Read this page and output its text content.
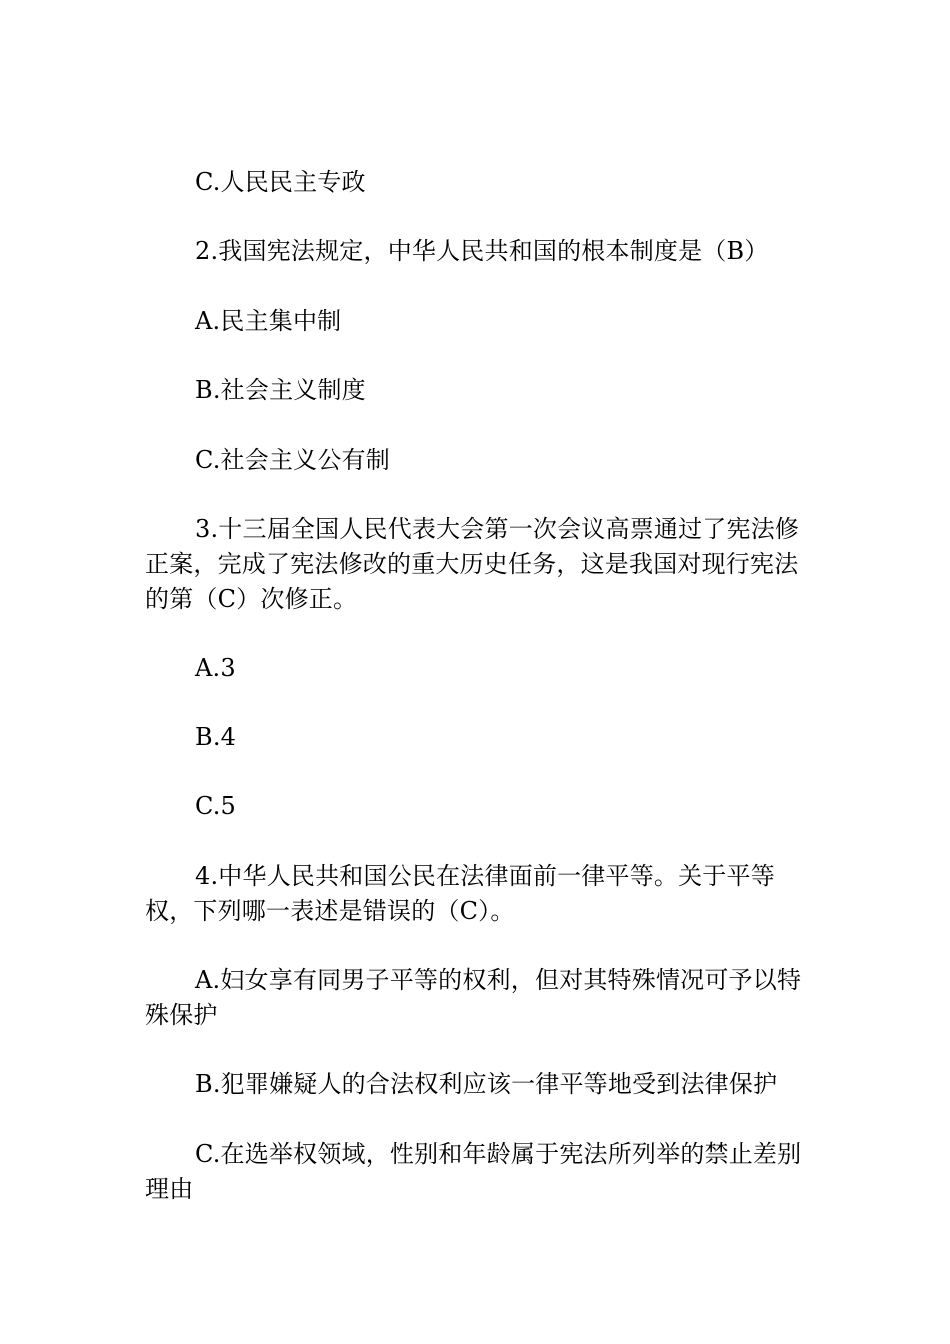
C.人民民主专政

2.我国宪法规定，中华人民共和国的根本制度是（B）

A.民主集中制

B.社会主义制度

C.社会主义公有制

3.十三届全国人民代表大会第一次会议高票通过了宪法修正案，完成了宪法修改的重大历史任务，这是我国对现行宪法的第（C）次修正。

A.3

B.4

C.5

4.中华人民共和国公民在法律面前一律平等。关于平等权，下列哪一表述是错误的（C）。

A.妇女享有同男子平等的权利，但对其特殊情况可予以特殊保护

B.犯罪嫌疑人的合法权利应该一律平等地受到法律保护

C.在选举权领域，性别和年龄属于宪法所列举的禁止差别理由
